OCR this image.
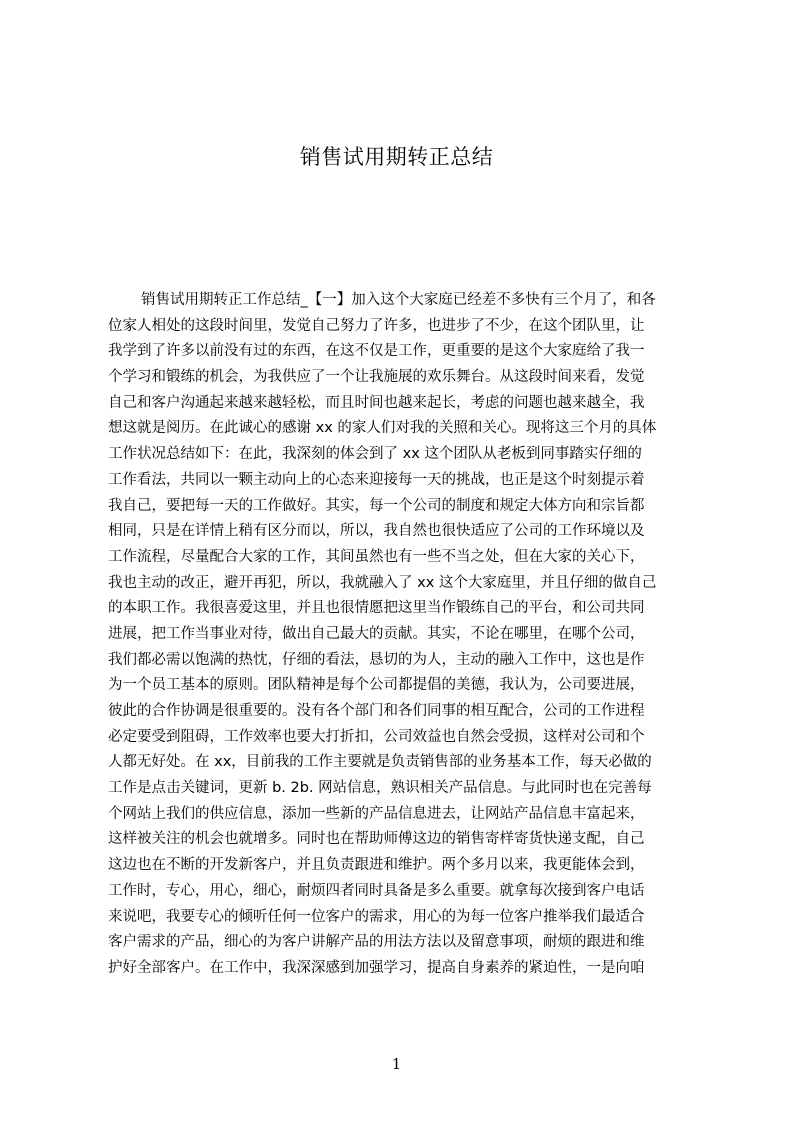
销售试用期转正总结
销售试用期转正工作总结_【一】加入这个大家庭已经差不多快有三个月了，和各
位家人相处的这段时间里，发觉自己努力了许多，也进步了不少，在这个团队里，让
我学到了许多以前没有过的东西，在这不仅是工作，更重要的是这个大家庭给了我一
个学习和锻练的机会，为我供应了一个让我施展的欢乐舞台。从这段时间来看，发觉
自己和客户沟通起来越来越轻松，而且时间也越来起长，考虑的问题也越来越全，我
想这就是阅历。在此诚心的感谢 xx 的家人们对我的关照和关心。现将这三个月的具体
工作状况总结如下：在此，我深刻的体会到了 xx 这个团队从老板到同事踏实仔细的
工作看法，共同以一颗主动向上的心态来迎接每一天的挑战，也正是这个时刻提示着
我自己，要把每一天的工作做好。其实，每一个公司的制度和规定大体方向和宗旨都
相同，只是在详情上稍有区分而以，所以，我自然也很快适应了公司的工作环境以及
工作流程，尽量配合大家的工作，其间虽然也有一些不当之处，但在大家的关心下，
我也主动的改正，避开再犯，所以，我就融入了 xx 这个大家庭里，并且仔细的做自己
的本职工作。我很喜爱这里，并且也很情愿把这里当作锻练自己的平台，和公司共同
进展，把工作当事业对待，做出自己最大的贡献。其实，不论在哪里，在哪个公司，
我们都必需以饱满的热忱，仔细的看法，恳切的为人，主动的融入工作中，这也是作
为一个员工基本的原则。团队精神是每个公司都提倡的美德，我认为，公司要进展，
彼此的合作协调是很重要的。没有各个部门和各们同事的相互配合，公司的工作进程
必定要受到阻碍，工作效率也要大打折扣，公司效益也自然会受损，这样对公司和个
人都无好处。在 xx，目前我的工作主要就是负责销售部的业务基本工作，每天必做的
工作是点击关键词，更新 b. 2b. 网站信息，熟识相关产品信息。与此同时也在完善每
个网站上我们的供应信息，添加一些新的产品信息进去，让网站产品信息丰富起来，
这样被关注的机会也就增多。同时也在帮助师傅这边的销售寄样寄货快递支配，自己
这边也在不断的开发新客户，并且负责跟进和维护。两个多月以来，我更能体会到，
工作时，专心，用心，细心，耐烦四者同时具备是多么重要。就拿每次接到客户电话
来说吧，我要专心的倾听任何一位客户的需求，用心的为每一位客户推举我们最适合
客户需求的产品，细心的为客户讲解产品的用法方法以及留意事项，耐烦的跟进和维
护好全部客户。在工作中，我深深感到加强学习，提高自身素养的紧迫性，一是向咱
1
